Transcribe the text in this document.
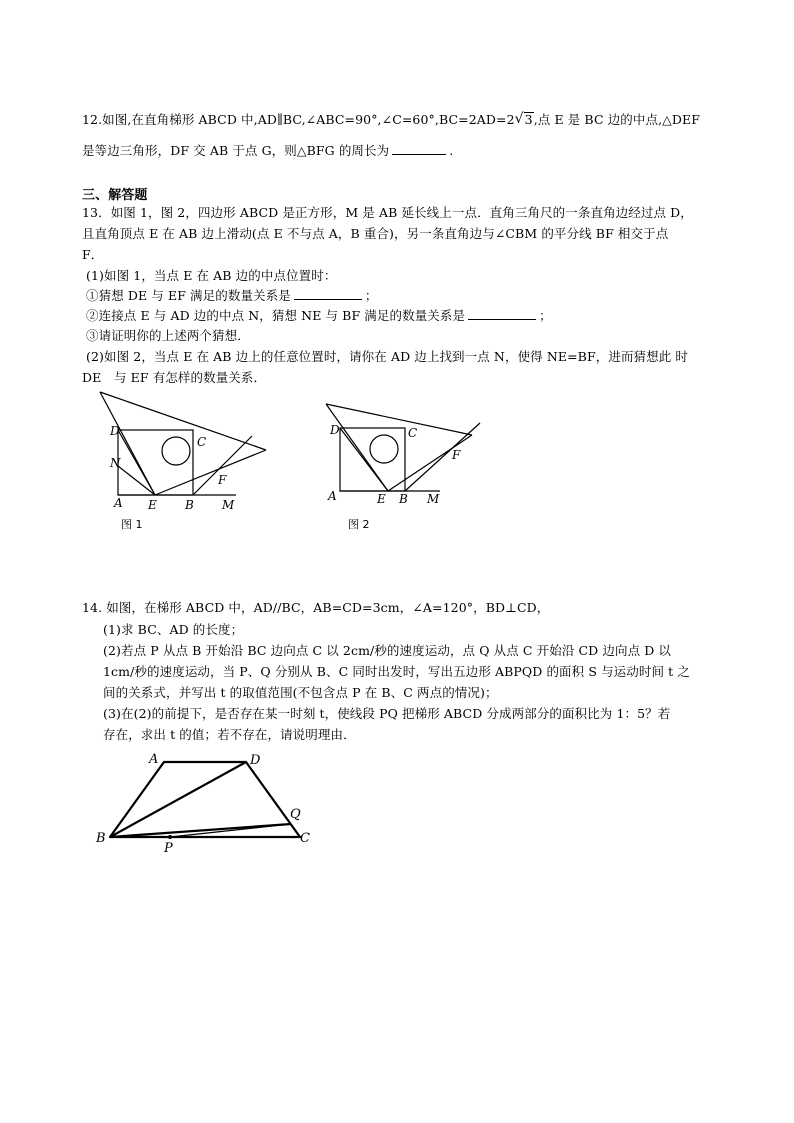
12.如图,在直角梯形 ABCD 中,AD∥BC,∠ABC=90°,∠C=60°,BC=2AD=2 √ 3,点 E 是 BC 边的中点,△DEF
是等边三角形，DF 交 AB 于点 G，则△BFG 的周长为	.
三、解答题
13．如图 1，图 2，四边形 ABCD 是正方形，M 是 AB 延长线上一点．直角三角尺的一条直角边经过点 D，
且直角顶点 E 在 AB 边上滑动(点 E 不与点 A，B 重合)，另一条直角边与∠CBM 的平分线 BF 相交于点
F．
(1)如图 1，当点 E 在 AB 边的中点位置时：
①猜想 DE 与 EF 满足的数量关系是	；
②连接点 E 与 AD 边的中点 N，猜想 NE 与 BF 满足的数量关系是	；
③请证明你的上述两个猜想．
(2)如图 2，当点 E 在 AB 边上的任意位置时，请你在 AD 边上找到一点 N，使得 NE=BF，进而猜想此 时
DE　与 EF 有怎样的数量关系．
D
C
N
F
A E B M
图 1
D	C
F
A	E B M
图 2
14. 如图，在梯形 ABCD 中，AD//BC，AB=CD=3cm，∠A=120°，BD⊥CD，
(1)求 BC、AD 的长度；
(2)若点 P 从点 B 开始沿 BC 边向点 C 以 2cm/秒的速度运动，点 Q 从点 C 开始沿 CD 边向点 D 以
1cm/秒的速度运动，当 P、Q 分别从 B、C 同时出发时，写出五边形 ABPQD 的面积 S 与运动时间 t 之
间的关系式，并写出 t 的取值范围(不包含点 P 在 B、C 两点的情况)；
(3)在(2)的前提下，是否存在某一时刻 t，使线段 PQ 把梯形 ABCD 分成两部分的面积比为 1：5？若
存在，求出 t 的值；若不存在，请说明理由．
A	D
Q
B
P
C
